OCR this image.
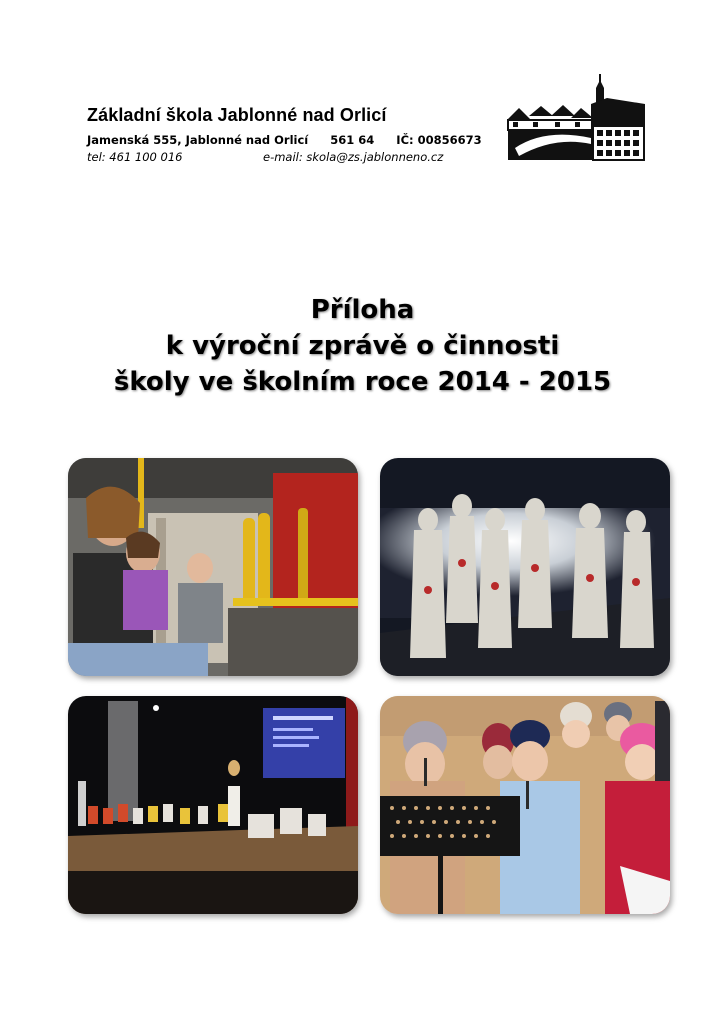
Základní škola Jablonné nad Orlicí
Jamenská 555, Jablonné nad Orlicí 561 64 IČ: 00856673
tel: 461 100 016	e-mail: skola@zs.jablonneno.cz
Příloha
k výroční zprávě o činnosti
školy ve školním roce 2014 - 2015
